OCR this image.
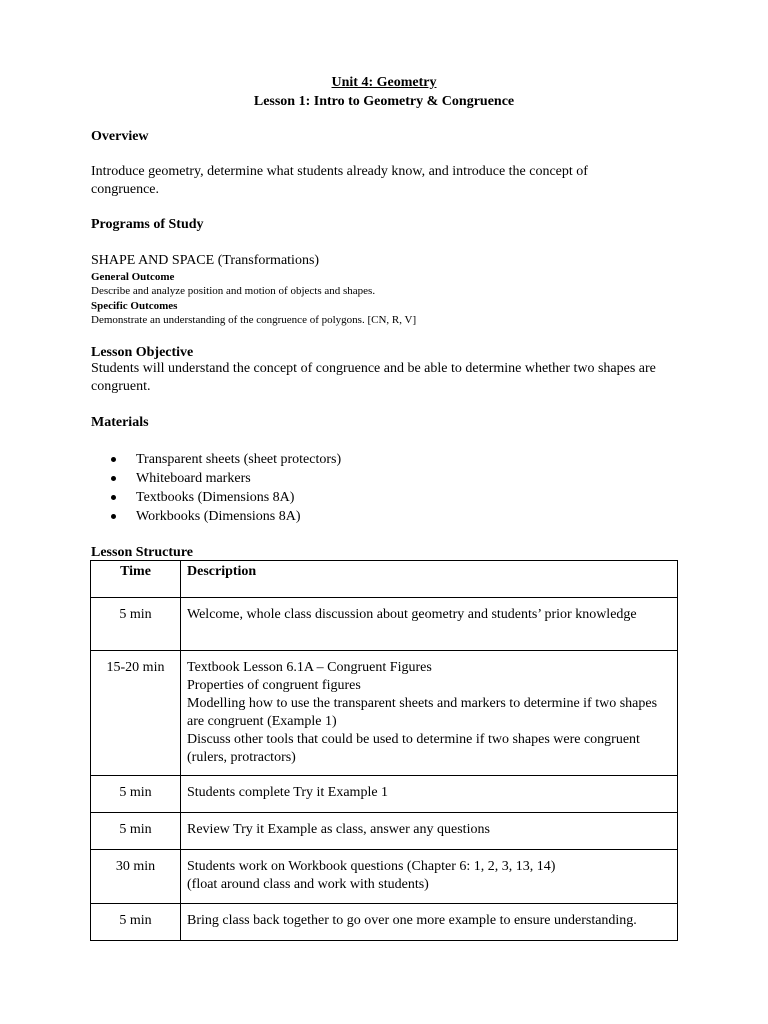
Unit 4: Geometry
Lesson 1: Intro to Geometry & Congruence
Overview
Introduce geometry, determine what students already know, and introduce the concept of congruence.
Programs of Study
SHAPE AND SPACE (Transformations)
General Outcome
Describe and analyze position and motion of objects and shapes.
Specific Outcomes
Demonstrate an understanding of the congruence of polygons. [CN, R, V]
Lesson Objective
Students will understand the concept of congruence and be able to determine whether two shapes are congruent.
Materials
Transparent sheets (sheet protectors)
Whiteboard markers
Textbooks (Dimensions 8A)
Workbooks (Dimensions 8A)
Lesson Structure
Time	Description
5 min	Welcome, whole class discussion about geometry and students’ prior knowledge

15-20 min	Textbook Lesson 6.1A – Congruent Figures
Properties of congruent figures
Modelling how to use the transparent sheets and markers to determine if two shapes are congruent (Example 1)
Discuss other tools that could be used to determine if two shapes were congruent (rulers, protractors)

5 min	Students complete Try it Example 1

5 min	Review Try it Example as class, answer any questions

30 min	Students work on Workbook questions (Chapter 6: 1, 2, 3, 13, 14)
(float around class and work with students)

5 min	Bring class back together to go over one more example to ensure understanding.
